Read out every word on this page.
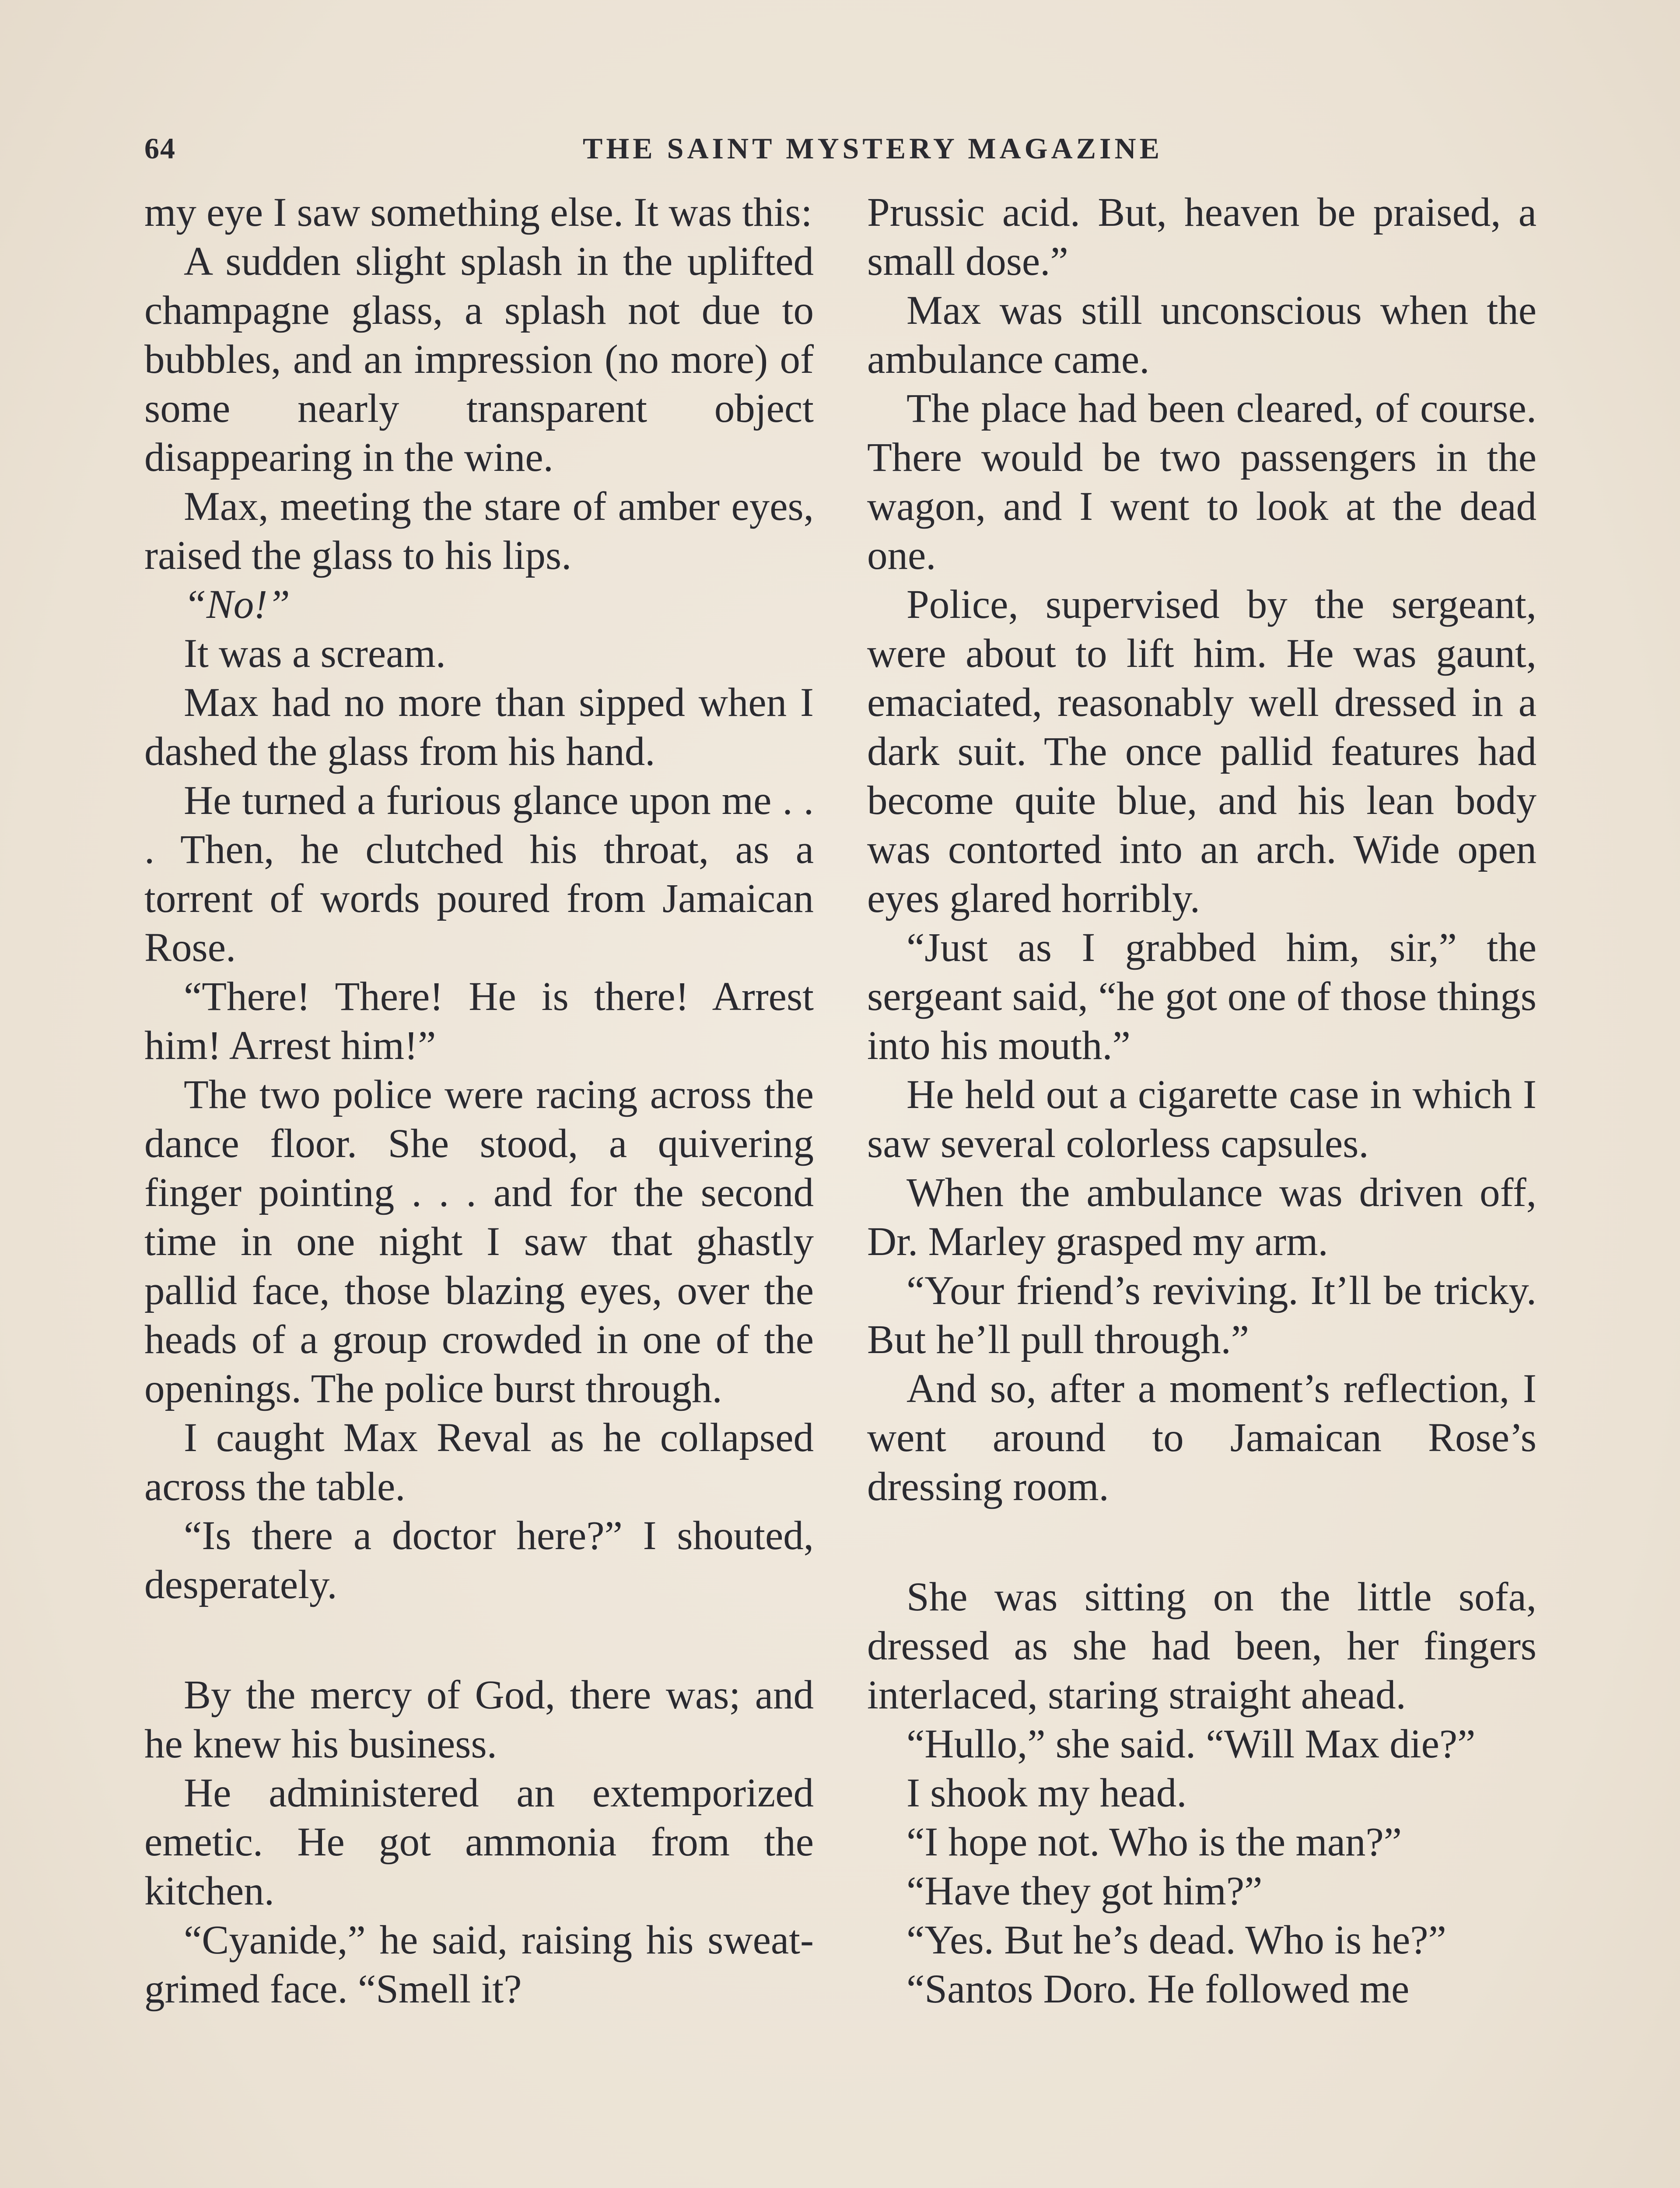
64	THE SAINT MYSTERY MAGAZINE

my eye I saw something else. It was this:

A sudden slight splash in the uplifted champagne glass, a splash not due to bubbles, and an impression (no more) of some nearly transparent object disappearing in the wine.

Max, meeting the stare of amber eyes, raised the glass to his lips.

“No!”

It was a scream.

Max had no more than sipped when I dashed the glass from his hand.

He turned a furious glance upon me . . . Then, he clutched his throat, as a torrent of words poured from Jamaican Rose.

“There! There! He is there! Arrest him! Arrest him!”

The two police were racing across the dance floor. She stood, a quivering finger pointing . . . and for the second time in one night I saw that ghastly pallid face, those blazing eyes, over the heads of a group crowded in one of the openings. The police burst through.

I caught Max Reval as he collapsed across the table.

“Is there a doctor here?” I shouted, desperately.

By the mercy of God, there was; and he knew his business.

He administered an extemporized emetic. He got ammonia from the kitchen.

“Cyanide,” he said, raising his sweat-grimed face. “Smell it?

Prussic acid. But, heaven be praised, a small dose.”

Max was still unconscious when the ambulance came.

The place had been cleared, of course. There would be two passengers in the wagon, and I went to look at the dead one.

Police, supervised by the sergeant, were about to lift him. He was gaunt, emaciated, reasonably well dressed in a dark suit. The once pallid features had become quite blue, and his lean body was contorted into an arch. Wide open eyes glared horribly.

“Just as I grabbed him, sir,” the sergeant said, “he got one of those things into his mouth.”

He held out a cigarette case in which I saw several colorless capsules.

When the ambulance was driven off, Dr. Marley grasped my arm.

“Your friend’s reviving. It’ll be tricky. But he’ll pull through.”

And so, after a moment’s reflection, I went around to Jamaican Rose’s dressing room.

She was sitting on the little sofa, dressed as she had been, her fingers interlaced, staring straight ahead.

“Hullo,” she said. “Will Max die?”

I shook my head.

“I hope not. Who is the man?”

“Have they got him?”

“Yes. But he’s dead. Who is he?”

“Santos Doro. He followed me
